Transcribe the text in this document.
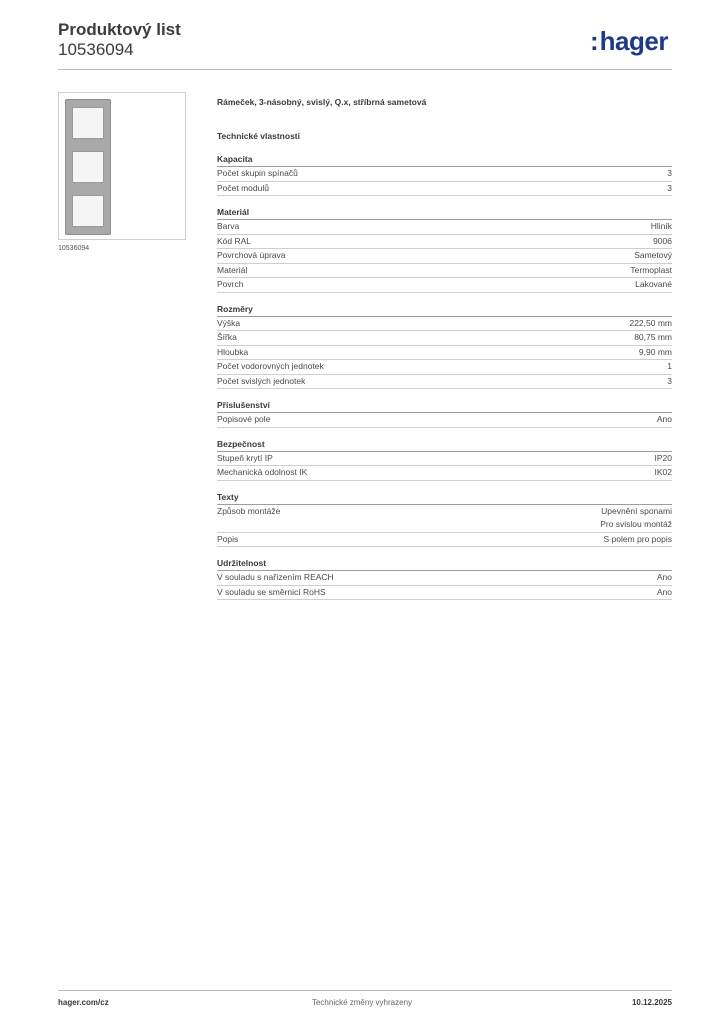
Produktový list
10536094	:hager
10536094
Rámeček, 3-násobný, svislý, Q.x, stříbrná sametová
Technické vlastnosti
Kapacita
Počet skupin spínačů	3
Počet modulů	3
Materiál
Barva	Hliník
Kód RAL	9006
Povrchová úprava	Sametový
Materiál	Termoplast
Povrch	Lakované
Rozměry
Výška	222,50 mm
Šířka	80,75 mm
Hloubka	9,90 mm
Počet vodorovných jednotek	1
Počet svislých jednotek	3
Příslušenství
Popisové pole	Ano
Bezpečnost
Stupeň krytí IP	IP20
Mechanická odolnost IK	IK02
Texty
Způsob montáže	Upevnění sponami
Pro svislou montáž
Popis	S polem pro popis
Udržitelnost
V souladu s nařízením REACH	Ano
V souladu se směrnicí RoHS	Ano
hager.com/cz	Technické změny vyhrazeny	10.12.2025
